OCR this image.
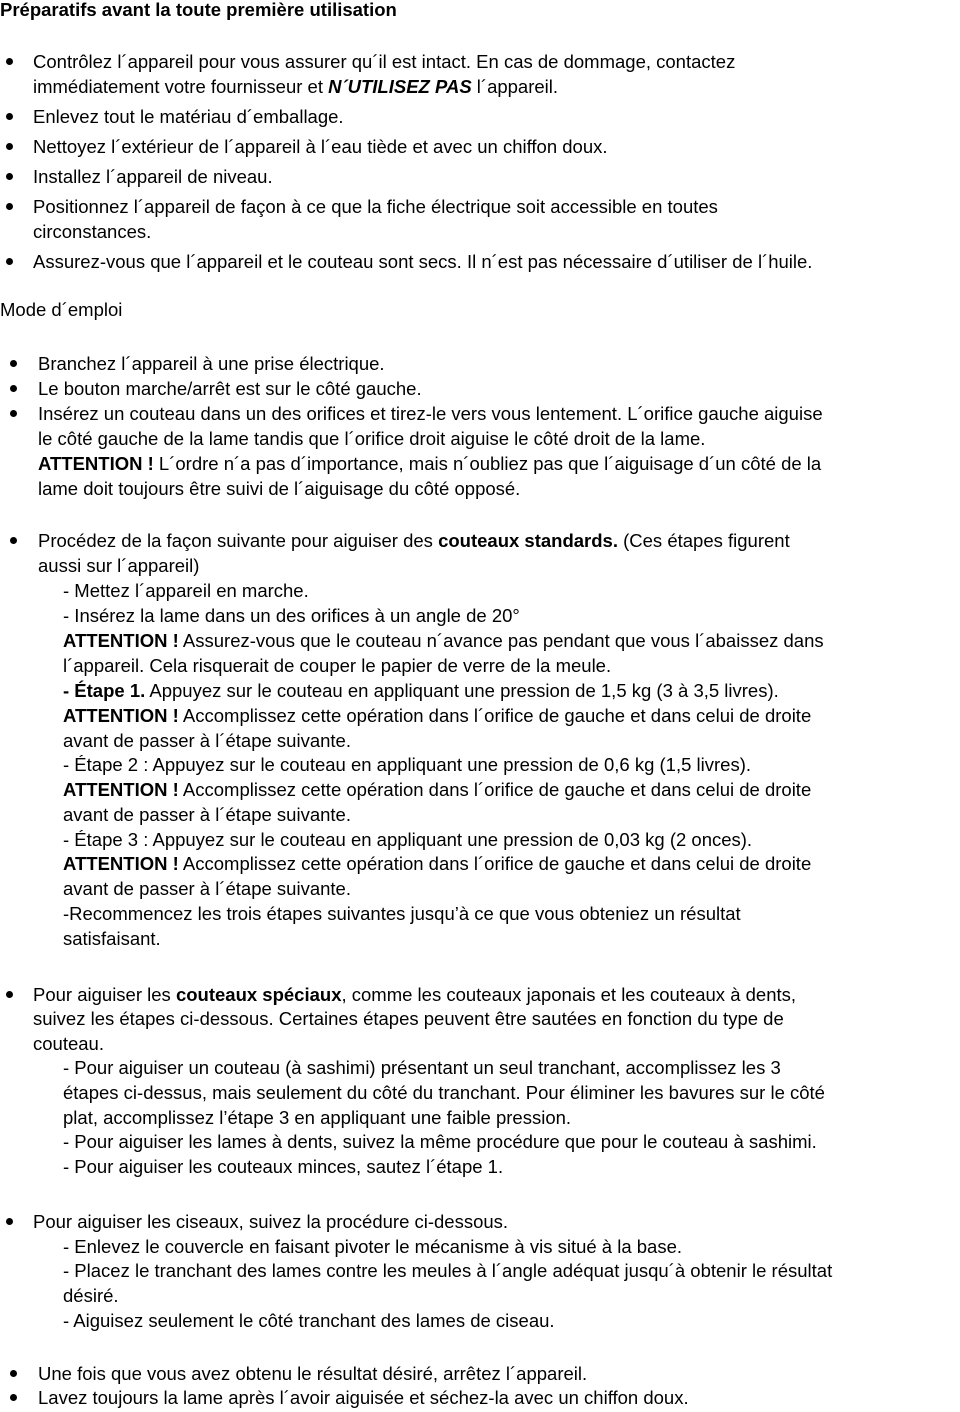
Préparatifs avant la toute première utilisation
Contrôlez l´appareil pour vous assurer qu´il est intact. En cas de dommage, contactez
immédiatement votre fournisseur et N´UTILISEZ PAS l´appareil.
Enlevez tout le matériau d´emballage.
Nettoyez l´extérieur de l´appareil à l´eau tiède et avec un chiffon doux.
Installez l´appareil de niveau.
Positionnez l´appareil de façon à ce que la fiche électrique soit accessible en toutes
circonstances.
Assurez-vous que l´appareil et le couteau sont secs. Il n´est pas nécessaire d´utiliser de l´huile.
Mode d´emploi
Branchez l´appareil à une prise électrique.
Le bouton marche/arrêt est sur le côté gauche.
Insérez un couteau dans un des orifices et tirez-le vers vous lentement. L´orifice gauche aiguise
le côté gauche de la lame tandis que l´orifice droit aiguise le côté droit de la lame.
ATTENTION ! L´ordre n´a pas d´importance, mais n´oubliez pas que l´aiguisage d´un côté de la
lame doit toujours être suivi de l´aiguisage du côté opposé.
Procédez de la façon suivante pour aiguiser des couteaux standards. (Ces étapes figurent
aussi sur l´appareil)
- Mettez l´appareil en marche.
- Insérez la lame dans un des orifices à un angle de 20°
ATTENTION ! Assurez-vous que le couteau n´avance pas pendant que vous l´abaissez dans
l´appareil. Cela risquerait de couper le papier de verre de la meule.
- Étape 1. Appuyez sur le couteau en appliquant une pression de 1,5 kg (3 à 3,5 livres).
ATTENTION ! Accomplissez cette opération dans l´orifice de gauche et dans celui de droite
avant de passer à l´étape suivante.
- Étape 2 : Appuyez sur le couteau en appliquant une pression de 0,6 kg (1,5 livres).
ATTENTION ! Accomplissez cette opération dans l´orifice de gauche et dans celui de droite
avant de passer à l´étape suivante.
- Étape 3 : Appuyez sur le couteau en appliquant une pression de 0,03 kg (2 onces).
ATTENTION ! Accomplissez cette opération dans l´orifice de gauche et dans celui de droite
avant de passer à l´étape suivante.
-Recommencez les trois étapes suivantes jusqu’à ce que vous obteniez un résultat
satisfaisant.
Pour aiguiser les couteaux spéciaux, comme les couteaux japonais et les couteaux à dents,
suivez les étapes ci-dessous. Certaines étapes peuvent être sautées en fonction du type de
couteau.
- Pour aiguiser un couteau (à sashimi) présentant un seul tranchant, accomplissez les 3
étapes ci-dessus, mais seulement du côté du tranchant. Pour éliminer les bavures sur le côté
plat, accomplissez l’étape 3 en appliquant une faible pression.
- Pour aiguiser les lames à dents, suivez la même procédure que pour le couteau à sashimi.
- Pour aiguiser les couteaux minces, sautez l´étape 1.
Pour aiguiser les ciseaux, suivez la procédure ci-dessous.
- Enlevez le couvercle en faisant pivoter le mécanisme à vis situé à la base.
- Placez le tranchant des lames contre les meules à l´angle adéquat jusqu´à obtenir le résultat
désiré.
- Aiguisez seulement le côté tranchant des lames de ciseau.
Une fois que vous avez obtenu le résultat désiré, arrêtez l´appareil.
Lavez toujours la lame après l´avoir aiguisée et séchez-la avec un chiffon doux.
